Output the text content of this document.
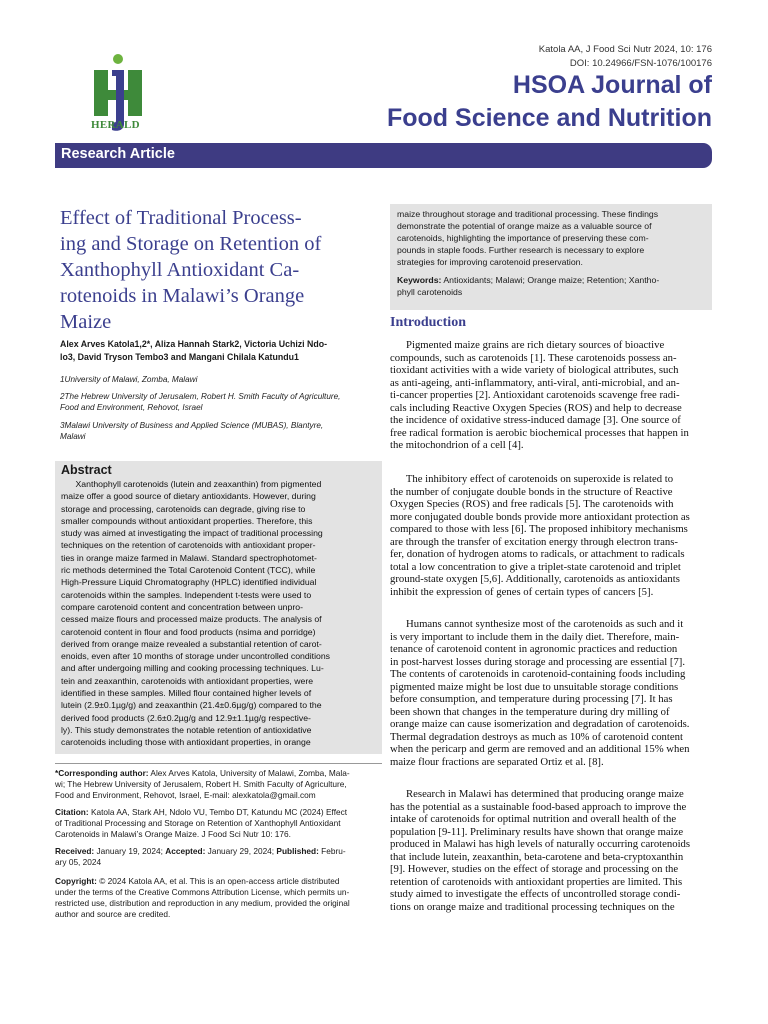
HERALD
Katola AA, J Food Sci Nutr 2024, 10: 176
DOI: 10.24966/FSN-1076/100176
HSOA Journal of
Food Science and Nutrition
Research Article
Effect of Traditional Process-
ing and Storage on Retention of
Xanthophyll Antioxidant Ca-
rotenoids in Malawi’s Orange
Maize
Alex Arves Katola1,2*, Aliza Hannah Stark2, Victoria Uchizi Ndo-
lo3, David Tryson Tembo3 and Mangani Chilala Katundu1
1University of Malawi, Zomba, Malawi
2The Hebrew University of Jerusalem, Robert H. Smith Faculty of Agriculture,
Food and Environment, Rehovot, Israel
3Malawi University of Business and Applied Science (MUBAS), Blantyre,
Malawi
Abstract
Xanthophyll carotenoids (lutein and zeaxanthin) from pigmented
maize offer a good source of dietary antioxidants. However, during
storage and processing, carotenoids can degrade, giving rise to
smaller compounds without antioxidant properties. Therefore, this
study was aimed at investigating the impact of traditional processing
techniques on the retention of carotenoids with antioxidant proper-
ties in orange maize farmed in Malawi. Standard spectrophotomet-
ric methods determined the Total Carotenoid Content (TCC), while
High-Pressure Liquid Chromatography (HPLC) identified individual
carotenoids within the samples. Independent t-tests were used to
compare carotenoid content and concentration between unpro-
cessed maize flours and processed maize products. The analysis of
carotenoid content in flour and food products (nsima and porridge)
derived from orange maize revealed a substantial retention of carot-
enoids, even after 10 months of storage under uncontrolled conditions
and after undergoing milling and cooking processing techniques. Lu-
tein and zeaxanthin, carotenoids with antioxidant properties, were
identified in these samples. Milled flour contained higher levels of
lutein (2.9±0.1µg/g) and zeaxanthin (21.4±0.6µg/g) compared to the
derived food products (2.6±0.2µg/g and 12.9±1.1µg/g respective-
ly). This study demonstrates the notable retention of antioxidative
carotenoids including those with antioxidant properties, in orange
*Corresponding author: Alex Arves Katola, University of Malawi, Zomba, Mala-
wi; The Hebrew University of Jerusalem, Robert H. Smith Faculty of Agriculture,
Food and Environment, Rehovot, Israel, E-mail: alexkatola@gmail.com
Citation: Katola AA, Stark AH, Ndolo VU, Tembo DT, Katundu MC (2024) Effect
of Traditional Processing and Storage on Retention of Xanthophyll Antioxidant
Carotenoids in Malawi’s Orange Maize. J Food Sci Nutr 10: 176.
Received: January 19, 2024; Accepted: January 29, 2024; Published: Febru-
ary 05, 2024
Copyright: © 2024 Katola AA, et al. This is an open-access article distributed
under the terms of the Creative Commons Attribution License, which permits un-
restricted use, distribution and reproduction in any medium, provided the original
author and source are credited.
maize throughout storage and traditional processing. These findings
demonstrate the potential of orange maize as a valuable source of
carotenoids, highlighting the importance of preserving these com-
pounds in staple foods. Further research is necessary to explore
strategies for improving carotenoid preservation.
Keywords: Antioxidants; Malawi; Orange maize; Retention; Xantho-
phyll carotenoids
Introduction
Pigmented maize grains are rich dietary sources of bioactive
compounds, such as carotenoids [1]. These carotenoids possess an-
tioxidant activities with a wide variety of biological attributes, such
as anti-ageing, anti-inflammatory, anti-viral, anti-microbial, and an-
ti-cancer properties [2]. Antioxidant carotenoids scavenge free radi-
cals including Reactive Oxygen Species (ROS) and help to decrease
the incidence of oxidative stress-induced damage [3]. One source of
free radical formation is aerobic biochemical processes that happen in
the mitochondrion of a cell [4].
The inhibitory effect of carotenoids on superoxide is related to
the number of conjugate double bonds in the structure of Reactive
Oxygen Species (ROS) and free radicals [5]. The carotenoids with
more conjugated double bonds provide more antioxidant protection as
compared to those with less [6]. The proposed inhibitory mechanisms
are through the transfer of excitation energy through electron trans-
fer, donation of hydrogen atoms to radicals, or attachment to radicals
total a low concentration to give a triplet-state carotenoid and triplet
ground-state oxygen [5,6]. Additionally, carotenoids as antioxidants
inhibit the expression of genes of certain types of cancers [5].
Humans cannot synthesize most of the carotenoids as such and it
is very important to include them in the daily diet. Therefore, main-
tenance of carotenoid content in agronomic practices and reduction
in post-harvest losses during storage and processing are essential [7].
The contents of carotenoids in carotenoid-containing foods including
pigmented maize might be lost due to unsuitable storage conditions
before consumption, and temperature during processing [7]. It has
been shown that changes in the temperature during dry milling of
orange maize can cause isomerization and degradation of carotenoids.
Thermal degradation destroys as much as 10% of carotenoid content
when the pericarp and germ are removed and an additional 15% when
maize flour fractions are separated Ortiz et al. [8].
Research in Malawi has determined that producing orange maize
has the potential as a sustainable food-based approach to improve the
intake of carotenoids for optimal nutrition and overall health of the
population [9-11]. Preliminary results have shown that orange maize
produced in Malawi has high levels of naturally occurring carotenoids
that include lutein, zeaxanthin, beta-carotene and beta-cryptoxanthin
[9]. However, studies on the effect of storage and processing on the
retention of carotenoids with antioxidant properties are limited. This
study aimed to investigate the effects of uncontrolled storage condi-
tions on orange maize and traditional processing techniques on the
